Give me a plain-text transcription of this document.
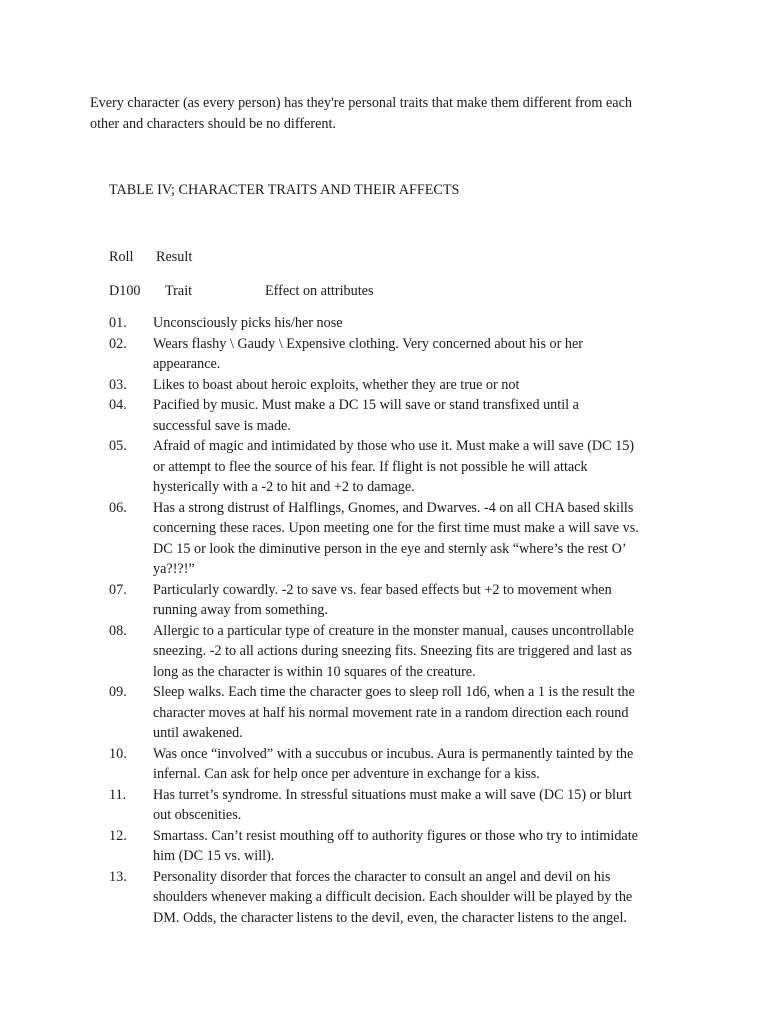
Every character (as every person) has they're personal traits that make them different from each

other and characters should be no different.

TABLE IV; CHARACTER TRAITS AND THEIR AFFECTS
Roll Result
D100 Trait	Effect on attributes
01.	Unconsciously picks his/her nose
02.	Wears flashy \ Gaudy \ Expensive clothing. Very concerned about his or her
appearance.
03.	Likes to boast about heroic exploits, whether they are true or not
04.	Pacified by music. Must make a DC 15 will save or stand transfixed until a
successful save is made.
05.	Afraid of magic and intimidated by those who use it. Must make a will save (DC 15)
or attempt to flee the source of his fear. If flight is not possible he will attack
hysterically with a -2 to hit and +2 to damage.
06.	Has a strong distrust of Halflings, Gnomes, and Dwarves. -4 on all CHA based skills
concerning these races. Upon meeting one for the first time must make a will save vs.
DC 15 or look the diminutive person in the eye and sternly ask “where’s the rest O’
ya?!?!”
07.	Particularly cowardly. -2 to save vs. fear based effects but +2 to movement when
running away from something.
08.	Allergic to a particular type of creature in the monster manual, causes uncontrollable
sneezing. -2 to all actions during sneezing fits. Sneezing fits are triggered and last as
long as the character is within 10 squares of the creature.
09.	Sleep walks. Each time the character goes to sleep roll 1d6, when a 1 is the result the
character moves at half his normal movement rate in a random direction each round
until awakened.
10.	Was once “involved” with a succubus or incubus. Aura is permanently tainted by the
infernal. Can ask for help once per adventure in exchange for a kiss.
11.	Has turret’s syndrome. In stressful situations must make a will save (DC 15) or blurt
out obscenities.
12.	Smartass. Can’t resist mouthing off to authority figures or those who try to intimidate
him (DC 15 vs. will).
13.	Personality disorder that forces the character to consult an angel and devil on his
shoulders whenever making a difficult decision. Each shoulder will be played by the
DM. Odds, the character listens to the devil, even, the character listens to the angel.
